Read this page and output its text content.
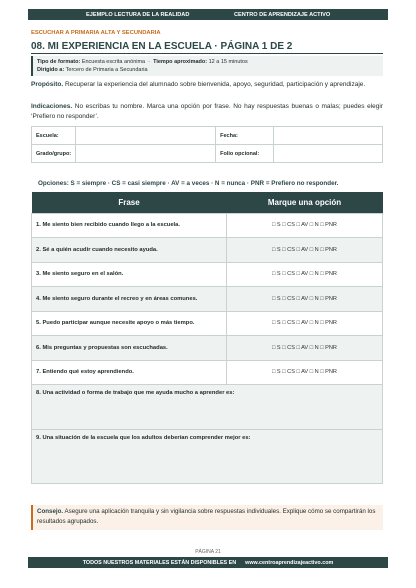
EJEMPLO LECTURA DE LA REALIDAD	CENTRO DE APRENDIZAJE ACTIVO
ESCUCHAR A PRIMARIA ALTA Y SECUNDARIA
08. MI EXPERIENCIA EN LA ESCUELA · PÁGINA 1 DE 2
Tipo de formato: Encuesta escrita anónima  ·  Tiempo aproximado: 12 a 15 minutos
Dirigido a: Tercero de Primaria a Secundaria
Propósito. Recuperar la experiencia del alumnado sobre bienvenida, apoyo, seguridad, participación y aprendizaje.
Indicaciones. No escribas tu nombre. Marca una opción por frase. No hay respuestas buenas o malas; puedes elegir ‘Prefiero no responder’.
Escuela:		Fecha:	
Grado/grupo:		Folio opcional:	
Opciones: S = siempre · CS = casi siempre · AV = a veces · N = nunca · PNR = Prefiero no responder.
Frase	Marque una opción
1. Me siento bien recibido cuando llego a la escuela.	□ S □ CS □ AV □ N □ PNR
2. Sé a quién acudir cuando necesito ayuda.	□ S □ CS □ AV □ N □ PNR
3. Me siento seguro en el salón.	□ S □ CS □ AV □ N □ PNR
4. Me siento seguro durante el recreo y en áreas comunes.	□ S □ CS □ AV □ N □ PNR
5. Puedo participar aunque necesite apoyo o más tiempo.	□ S □ CS □ AV □ N □ PNR
6. Mis preguntas y propuestas son escuchadas.	□ S □ CS □ AV □ N □ PNR
7. Entiendo qué estoy aprendiendo.	□ S □ CS □ AV □ N □ PNR
8. Una actividad o forma de trabajo que me ayuda mucho a aprender es:	
9. Una situación de la escuela que los adultos deberían comprender mejor es:	
Consejo. Asegure una aplicación tranquila y sin vigilancia sobre respuestas individuales. Explique cómo se compartirán los resultados agrupados.
PÁGINA 21
TODOS NUESTROS MATERIALES ESTÁN DISPONIBLES EN      www.centroaprendizajeactivo.com
